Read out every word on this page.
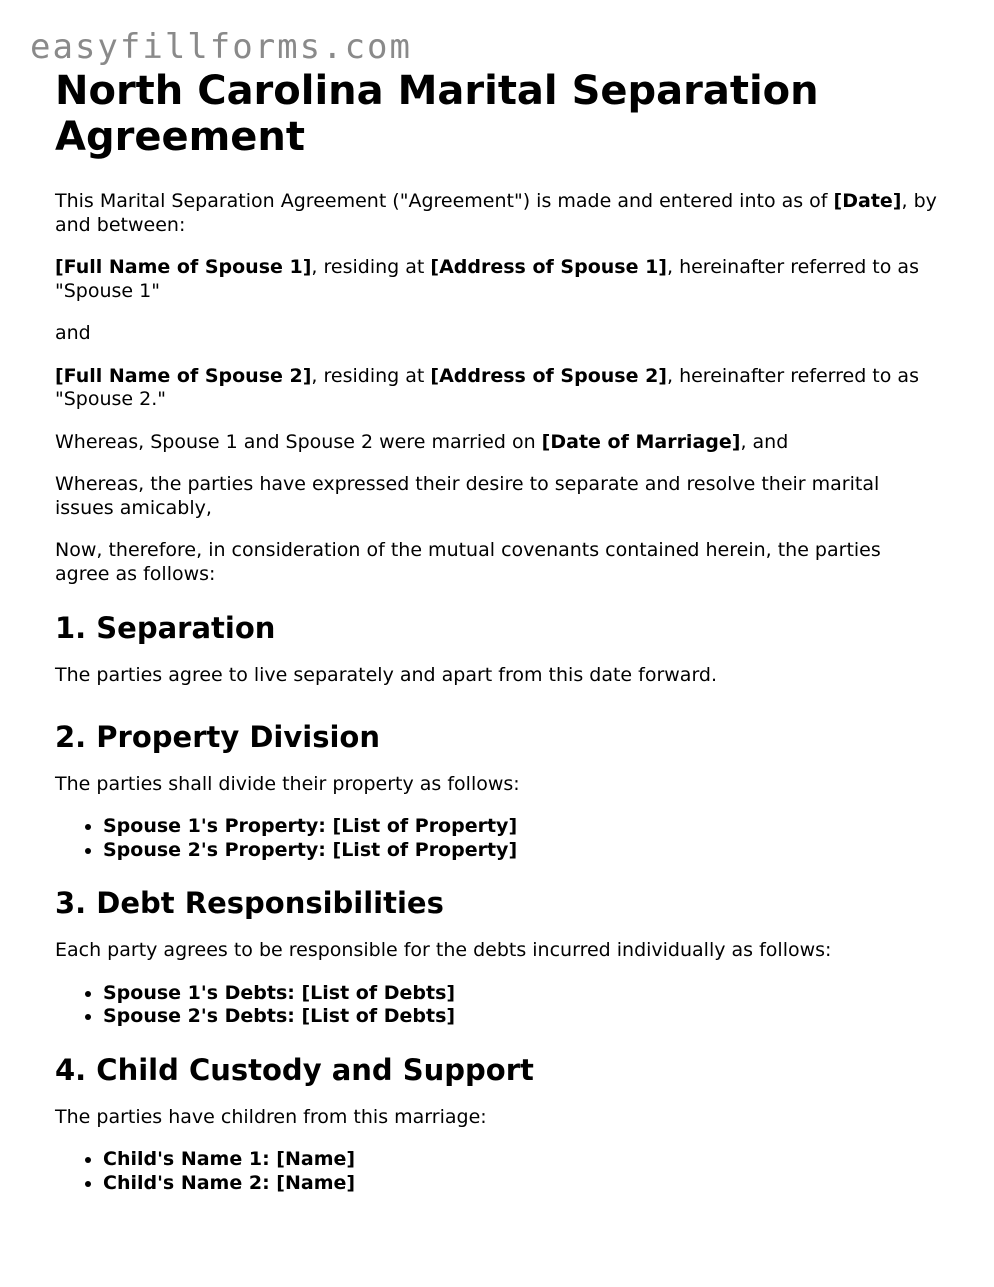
easyfillforms.com
North Carolina Marital Separation Agreement

This Marital Separation Agreement ("Agreement") is made and entered into as of [Date], by and between:

[Full Name of Spouse 1], residing at [Address of Spouse 1], hereinafter referred to as "Spouse 1"

and

[Full Name of Spouse 2], residing at [Address of Spouse 2], hereinafter referred to as "Spouse 2."

Whereas, Spouse 1 and Spouse 2 were married on [Date of Marriage], and

Whereas, the parties have expressed their desire to separate and resolve their marital issues amicably,

Now, therefore, in consideration of the mutual covenants contained herein, the parties agree as follows:

1. Separation

The parties agree to live separately and apart from this date forward.

2. Property Division

The parties shall divide their property as follows:

• Spouse 1's Property: [List of Property]
• Spouse 2's Property: [List of Property]
3. Debt Responsibilities

Each party agrees to be responsible for the debts incurred individually as follows:

• Spouse 1's Debts: [List of Debts]
• Spouse 2's Debts: [List of Debts]
4. Child Custody and Support

The parties have children from this marriage:

• Child's Name 1: [Name]
• Child's Name 2: [Name]
